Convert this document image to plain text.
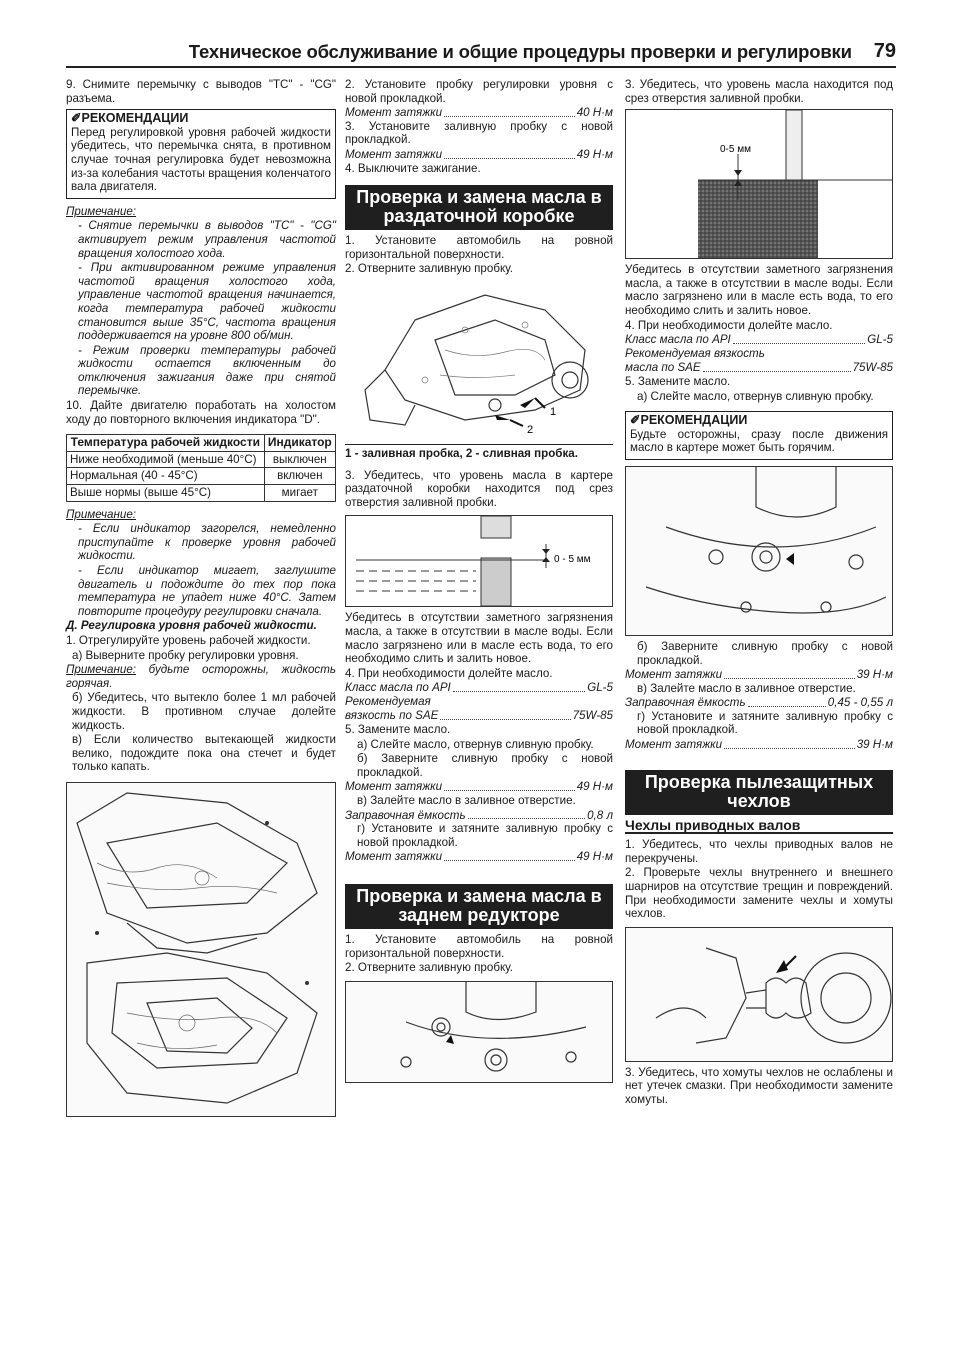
Техническое обслуживание и общие процедуры проверки и регулировки 79

9. Снимите перемычку с выводов "TC" - "CG" разъема.

✐РЕКОМЕНДАЦИИ

Перед регулировкой уровня рабочей жидкости убедитесь, что перемычка снята, в противном случае точная регулировка будет невозможна из-за колебания частоты вращения коленчатого вала двигателя.

Примечание:

- Снятие перемычки в выводов "TC" - "CG" активирует режим управления частотой вращения холостого хода.

- При активированном режиме управления частотой вращения холостого хода, управление частотой вращения начинается, когда температура рабочей жидкости становится выше 35°С, частота вращения поддерживается на уровне 800 об/мин.

- Режим проверки температуры рабочей жидкости остается включенным до отключения зажигания даже при снятой перемычке.

10. Дайте двигателю поработать на холостом ходу до повторного включения индикатора "D".

Температура рабочей жидкости	Индикатор
Ниже необходимой (меньше 40°С)	выключен
Нормальная (40 - 45°С)	включен
Выше нормы (выше 45°С)	мигает

Примечание:

- Если индикатор загорелся, немедленно приступайте к проверке уровня рабочей жидкости.

- Если индикатор мигает, заглушите двигатель и подождите до тех пор пока температура не упадет ниже 40°С. Затем повторите процедуру регулировки сначала.

Д. Регулировка уровня рабочей жидкости.

1. Отрегулируйте уровень рабочей жидкости.

а) Выверните пробку регулировки уровня.

Примечание: будьте осторожны, жидкость горячая.

б) Убедитесь, что вытекло более 1 мл рабочей жидкости. В противном случае долейте жидкость.

в) Если количество вытекающей жидкости велико, подождите пока она стечет и будет только капать.

2. Установите пробку регулировки уровня с новой прокладкой.

Момент затяжки	40 Н·м

3. Установите заливную пробку с новой прокладкой.

Момент затяжки	49 Н·м

4. Выключите зажигание.

Проверка и замена масла в раздаточной коробке

1. Установите автомобиль на ровной горизонтальной поверхности.

2. Отверните заливную пробку.

1
2

1 - заливная пробка, 2 - сливная пробка.

3. Убедитесь, что уровень масла в картере раздаточной коробки находится под срез отверстия заливной пробки.

0 - 5 мм

Убедитесь в отсутствии заметного загрязнения масла, а также в отсутствии в масле воды. Если масло загрязнено или в масле есть вода, то его необходимо слить и залить новое.

4. При необходимости долейте масло.

Класс масла по API	GL-5

Рекомендуемая

вязкость по SAE	75W-85

5. Замените масло.

а) Слейте масло, отвернув сливную пробку.

б) Заверните сливную пробку с новой прокладкой.

Момент затяжки	49 Н·м

в) Залейте масло в заливное отверстие.

Заправочная ёмкость	0,8 л

г) Установите и затяните заливную пробку с новой прокладкой.

Момент затяжки	49 Н·м
Проверка и замена масла в заднем редукторе

1. Установите автомобиль на ровной горизонтальной поверхности.

2. Отверните заливную пробку.

3. Убедитесь, что уровень масла находится под срез отверстия заливной пробки.

0-5 мм

Убедитесь в отсутствии заметного загрязнения масла, а также в отсутствии в масле воды. Если масло загрязнено или в масле есть вода, то его необходимо слить и залить новое.

4. При необходимости долейте масло.

Класс масла по API	GL-5

Рекомендуемая вязкость

масла по SAE	75W-85

5. Замените масло.

а) Слейте масло, отвернув сливную пробку.

✐РЕКОМЕНДАЦИИ

Будьте осторожны, сразу после движения масло в картере может быть горячим.

б) Заверните сливную пробку с новой прокладкой.

Момент затяжки	39 Н·м

в) Залейте масло в заливное отверстие.

Заправочная ёмкость	0,45 - 0,55 л

г) Установите и затяните заливную пробку с новой прокладкой.

Момент затяжки	39 Н·м
Проверка пылезащитных чехлов
Чехлы приводных валов

1. Убедитесь, что чехлы приводных валов не перекручены.

2. Проверьте чехлы внутреннего и внешнего шарниров на отсутствие трещин и повреждений. При необходимости замените чехлы и хомуты чехлов.

3. Убедитесь, что хомуты чехлов не ослаблены и нет утечек смазки. При необходимости замените хомуты.
